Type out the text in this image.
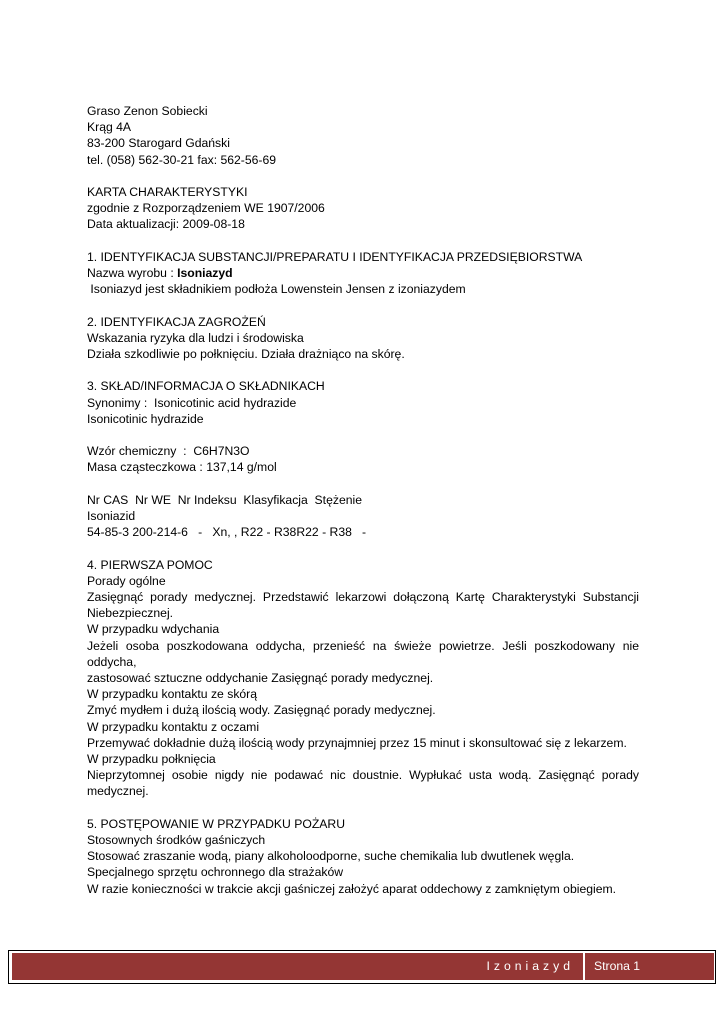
Graso Zenon Sobiecki
Krąg 4A
83-200 Starogard Gdański
tel. (058) 562-30-21 fax: 562-56-69
KARTA CHARAKTERYSTYKI
zgodnie z Rozporządzeniem WE 1907/2006
Data aktualizacji: 2009-08-18
1. IDENTYFIKACJA SUBSTANCJI/PREPARATU I IDENTYFIKACJA PRZEDSIĘBIORSTWA
Nazwa wyrobu : Isoniazyd
Isoniazyd jest składnikiem podłoża Lowenstein Jensen z izoniazydem
2. IDENTYFIKACJA ZAGROŻEŃ
Wskazania ryzyka dla ludzi i środowiska
Działa szkodliwie po połknięciu. Działa drażniąco na skórę.
3. SKŁAD/INFORMACJA O SKŁADNIKACH
Synonimy :  Isonicotinic acid hydrazide
Isonicotinic hydrazide
Wzór chemiczny  :  C6H7N3O
Masa cząsteczkowa : 137,14 g/mol
Nr CAS  Nr WE  Nr Indeksu  Klasyfikacja  Stężenie
Isoniazid
54-85-3 200-214-6   -   Xn, , R22 - R38R22 - R38   -
4. PIERWSZA POMOC
Porady ogólne
Zasięgnąć porady medycznej. Przedstawić lekarzowi dołączoną Kartę Charakterystyki Substancji Niebezpiecznej.
W przypadku wdychania
Jeżeli osoba poszkodowana oddycha, przenieść na świeże powietrze. Jeśli poszkodowany nie oddycha,
zastosować sztuczne oddychanie Zasięgnąć porady medycznej.
W przypadku kontaktu ze skórą
Zmyć mydłem i dużą ilością wody. Zasięgnąć porady medycznej.
W przypadku kontaktu z oczami
Przemywać dokładnie dużą ilością wody przynajmniej przez 15 minut i skonsultować się z lekarzem.
W przypadku połknięcia
Nieprzytomnej osobie nigdy nie podawać nic doustnie. Wypłukać usta wodą. Zasięgnąć porady medycznej.
5. POSTĘPOWANIE W PRZYPADKU POŻARU
Stosownych środków gaśniczych
Stosować zraszanie wodą, piany alkoholoodporne, suche chemikalia lub dwutlenek węgla.
Specjalnego sprzętu ochronnego dla strażaków
W razie konieczności w trakcie akcji gaśniczej założyć aparat oddechowy z zamkniętym obiegiem.
Izoniazyd Strona 1
